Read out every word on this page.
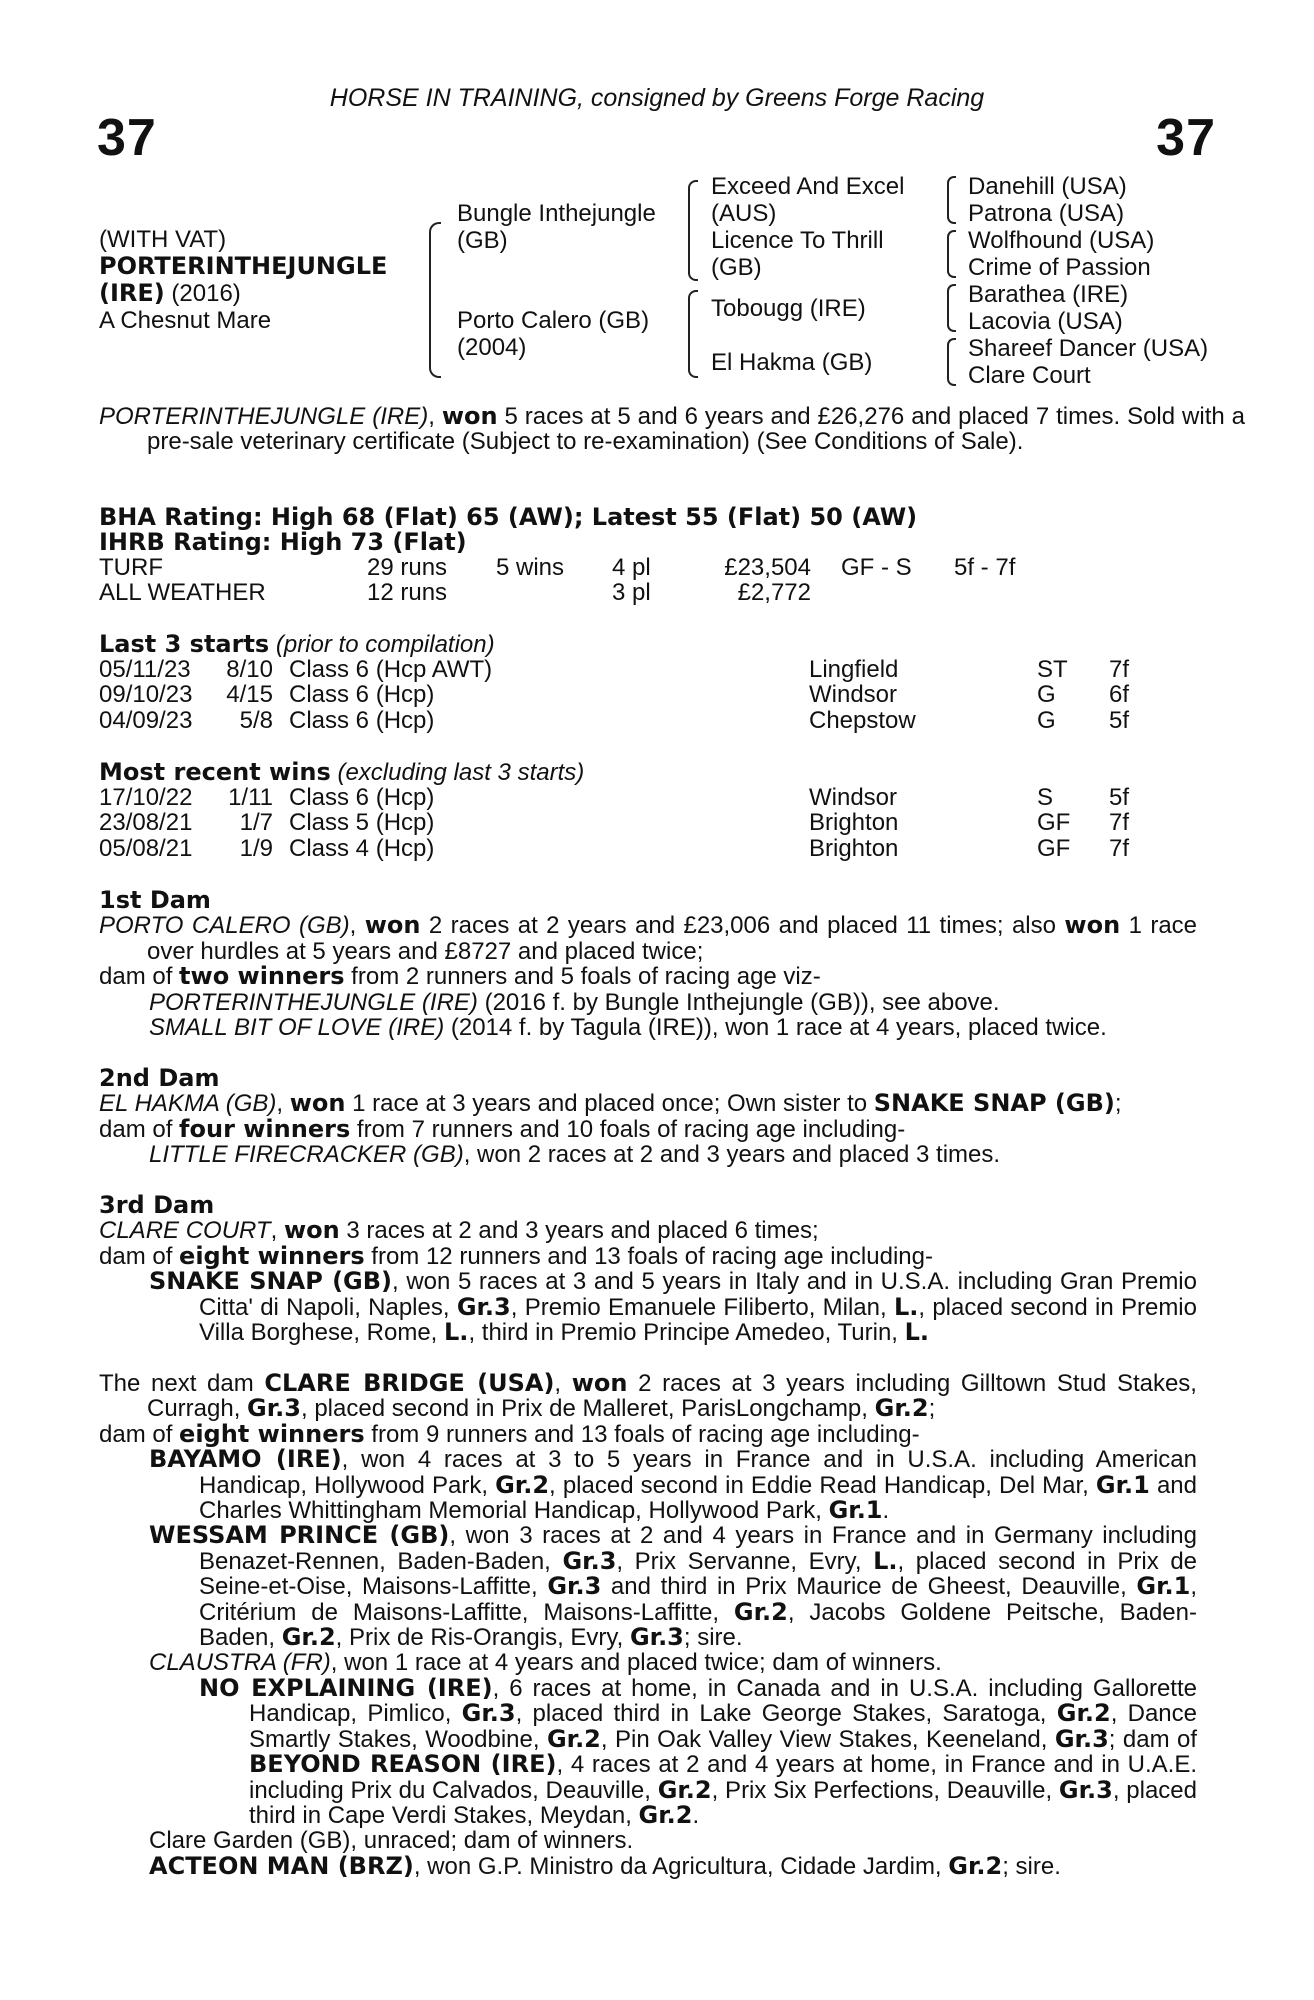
HORSE IN TRAINING, consigned by Greens Forge Racing
37	37
(WITH VAT)
PORTERINTHEJUNGLE
(IRE) (2016)
A Chesnut Mare
Bungle Inthejungle
(GB)
Porto Calero (GB)
(2004)
Exceed And Excel
(AUS)
Licence To Thrill
(GB)
Tobougg (IRE)
El Hakma (GB)
Danehill (USA)
Patrona (USA)
Wolfhound (USA)
Crime of Passion
Barathea (IRE)
Lacovia (USA)
Shareef Dancer (USA)
Clare Court

PORTERINTHEJUNGLE (IRE), won 5 races at 5 and 6 years and £26,276 and placed 7 times. Sold with a pre-sale veterinary certificate (Subject to re-examination) (See Conditions of Sale).

BHA Rating: High 68 (Flat) 65 (AW); Latest 55 (Flat) 50 (AW)
IHRB Rating: High 73 (Flat)
TURF	29 runs 5 wins 4 pl	£23,504 GF - S 5f - 7f
ALL WEATHER	12 runs	3 pl	£2,772
Last 3 starts (prior to compilation)
05/11/23	8/10 Class 6 (Hcp AWT)	Lingfield	ST 7f
09/10/23	4/15 Class 6 (Hcp)	Windsor	G 6f
04/09/23	5/8 Class 6 (Hcp)	Chepstow	G 5f
Most recent wins (excluding last 3 starts)
17/10/22	1/11 Class 6 (Hcp)	Windsor	S 5f
23/08/21	1/7 Class 5 (Hcp)	Brighton	GF 7f
05/08/21	1/9 Class 4 (Hcp)	Brighton	GF 7f

1st Dam

PORTO CALERO (GB), won 2 races at 2 years and £23,006 and placed 11 times; also won 1 race over hurdles at 5 years and £8727 and placed twice;

dam of two winners from 2 runners and 5 foals of racing age viz-

PORTERINTHEJUNGLE (IRE) (2016 f. by Bungle Inthejungle (GB)), see above.

SMALL BIT OF LOVE (IRE) (2014 f. by Tagula (IRE)), won 1 race at 4 years, placed twice.

2nd Dam

EL HAKMA (GB), won 1 race at 3 years and placed once; Own sister to SNAKE SNAP (GB);

dam of four winners from 7 runners and 10 foals of racing age including-

LITTLE FIRECRACKER (GB), won 2 races at 2 and 3 years and placed 3 times.

3rd Dam

CLARE COURT, won 3 races at 2 and 3 years and placed 6 times;

dam of eight winners from 12 runners and 13 foals of racing age including-

SNAKE SNAP (GB), won 5 races at 3 and 5 years in Italy and in U.S.A. including Gran Premio Citta' di Napoli, Naples, Gr.3, Premio Emanuele Filiberto, Milan, L., placed second in Premio Villa Borghese, Rome, L., third in Premio Principe Amedeo, Turin, L.

The next dam CLARE BRIDGE (USA), won 2 races at 3 years including Gilltown Stud Stakes, Curragh, Gr.3, placed second in Prix de Malleret, ParisLongchamp, Gr.2;

dam of eight winners from 9 runners and 13 foals of racing age including-

BAYAMO (IRE), won 4 races at 3 to 5 years in France and in U.S.A. including American Handicap, Hollywood Park, Gr.2, placed second in Eddie Read Handicap, Del Mar, Gr.1 and Charles Whittingham Memorial Handicap, Hollywood Park, Gr.1.

WESSAM PRINCE (GB), won 3 races at 2 and 4 years in France and in Germany including Benazet-Rennen, Baden-Baden, Gr.3, Prix Servanne, Evry, L., placed second in Prix de Seine-et-Oise, Maisons-Laffitte, Gr.3 and third in Prix Maurice de Gheest, Deauville, Gr.1, Critérium de Maisons-Laffitte, Maisons-Laffitte, Gr.2, Jacobs Goldene Peitsche, Baden-Baden, Gr.2, Prix de Ris-Orangis, Evry, Gr.3; sire.

CLAUSTRA (FR), won 1 race at 4 years and placed twice; dam of winners.

NO EXPLAINING (IRE), 6 races at home, in Canada and in U.S.A. including Gallorette Handicap, Pimlico, Gr.3, placed third in Lake George Stakes, Saratoga, Gr.2, Dance Smartly Stakes, Woodbine, Gr.2, Pin Oak Valley View Stakes, Keeneland, Gr.3; dam of BEYOND REASON (IRE), 4 races at 2 and 4 years at home, in France and in U.A.E. including Prix du Calvados, Deauville, Gr.2, Prix Six Perfections, Deauville, Gr.3, placed third in Cape Verdi Stakes, Meydan, Gr.2.

Clare Garden (GB), unraced; dam of winners.

ACTEON MAN (BRZ), won G.P. Ministro da Agricultura, Cidade Jardim, Gr.2; sire.
